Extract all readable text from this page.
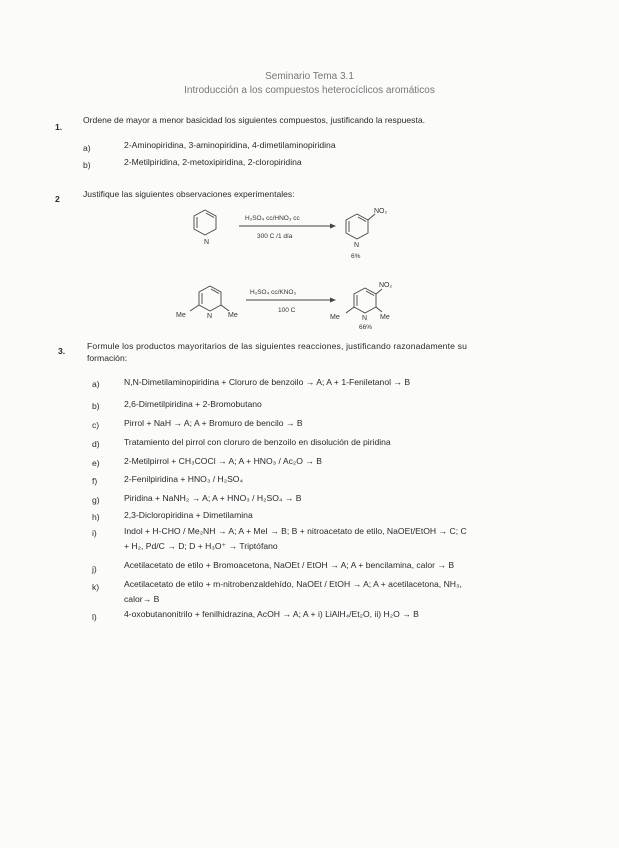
Seminario Tema 3.1
Introducción a los compuestos heterocíclicos aromáticos
1.
Ordene de mayor a menor basicidad los siguientes compuestos, justificando la respuesta.
a)	2-Aminopiridina, 3-aminopiridina, 4-dimetilaminopiridina
b)	2-Metilpiridina, 2-metoxipiridina, 2-cloropiridina
2	Justifique las siguientes observaciones experimentales:
N
H₂SO₄ cc/HNO₃ cc
300 C /1 día
NO₂
N
6%
Me	N Me
H₂SO₄ cc/KNO₃
100 C
NO₂
Me	N Me
66%
3.	Formule los productos mayoritarios de las siguientes reacciones, justificando razonadamente su
formación:
a)	N,N-Dimetilaminopiridina + Cloruro de benzoilo → A; A + 1-Feniletanol → B
b)	2,6-Dimetilpiridina + 2-Bromobutano
c)	Pirrol + NaH → A; A + Bromuro de bencilo → B
d)	Tratamiento del pirrol con cloruro de benzoilo en disolución de piridina
e)	2-Metilpirrol + CH₃COCl → A; A + HNO₃ / Ac₂O → B
f)	2-Fenilpiridina + HNO₃ / H₂SO₄
g)	Piridina + NaNH₂ → A; A + HNO₃ / H₂SO₄ → B
h)	2,3-Dicloropiridina + Dimetilamina
i)	Indol + H-CHO / Me₂NH → A; A + MeI → B; B + nitroacetato de etilo, NaOEt/EtOH → C; C
+ H₂, Pd/C → D; D + H₃O⁺ → Triptófano
j)	Acetilacetato de etilo + Bromoacetona, NaOEt / EtOH → A; A + bencilamina, calor → B
k)	Acetilacetato de etilo + m-nitrobenzaldehído, NaOEt / EtOH → A; A + acetilacetona, NH₃,
calor→ B
l)	4-oxobutanonitrilo + fenilhidrazina, AcOH → A; A + i) LiAlH₄/Et₂O, ii) H₂O → B
